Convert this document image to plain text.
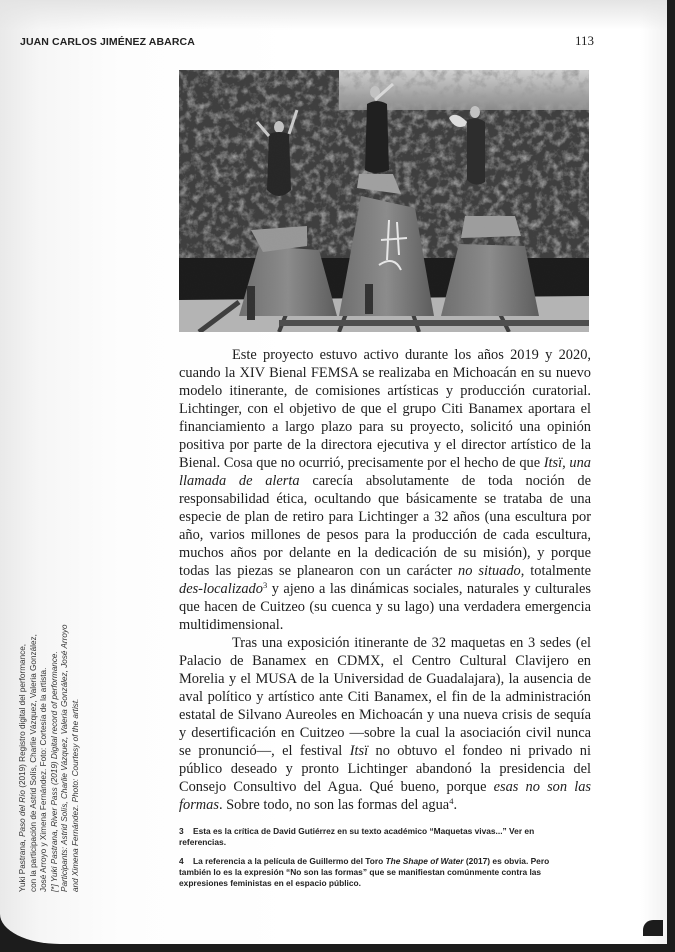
JUAN CARLOS JIMÉNEZ ABARCA	113

Este proyecto estuvo activo durante los años 2019 y 2020, cuando la XIV Bienal FEMSA se realizaba en Michoacán en su nuevo modelo itinerante, de comisiones artísticas y producción curatorial. Lichtinger, con el objetivo de que el grupo Citi Banamex aportara el financiamiento a largo plazo para su proyecto, solicitó una opinión positiva por parte de la directora ejecutiva y el director artístico de la Bienal. Cosa que no ocurrió, precisamente por el hecho de que Itsï, una llamada de alerta carecía absolutamente de toda noción de responsabilidad ética, ocultando que básicamente se trataba de una especie de plan de retiro para Lichtinger a 32 años (una escultura por año, varios millones de pesos para la producción de cada escultura, muchos años por delante en la dedicación de su misión), y porque todas las piezas se planearon con un carácter no situado, totalmente des-localizado$^3$ y ajeno a las dinámicas sociales, naturales y culturales que hacen de Cuitzeo (su cuenca y su lago) una verdadera emergencia multidimensional.

Tras una exposición itinerante de 32 maquetas en 3 sedes (el Palacio de Banamex en CDMX, el Centro Cultural Clavijero en Morelia y el MUSA de la Universidad de Guadalajara), la ausencia de aval político y artístico ante Citi Banamex, el fin de la administración estatal de Silvano Aureoles en Michoacán y una nueva crisis de sequía y desertificación en Cuitzeo —sobre la cual la asociación civil nunca se pronunció—, el festival Itsï no obtuvo el fondeo ni privado ni público deseado y pronto Lichtinger abandonó la presidencia del Consejo Consultivo del Agua. Qué bueno, porque esas no son las formas. Sobre todo, no son las formas del agua$^4$.

3 Esta es la crítica de David Gutiérrez en su texto académico “Maquetas vivas...” Ver en referencias.

4 La referencia a la película de Guillermo del Toro The Shape of Water (2017) es obvia. Pero también lo es la expresión “No son las formas” que se manifiestan comúnmente contra las expresiones feministas en el espacio público.

Yuki Pastrana, Paso del Río (2019) Registro digital del performance, con la participación de Astrid Solís, Charlie Vázquez, Valeria González, José Arroyo y Ximena Fernández. Foto: Cortesía de la artista. [*] Yuki Pastrana, River Pass (2019) Digital record of performance. Participants: Astrid Solís, Charlie Vázquez, Valeria González, José Arroyo and Ximena Fernández. Photo: Courtesy of the artist.
